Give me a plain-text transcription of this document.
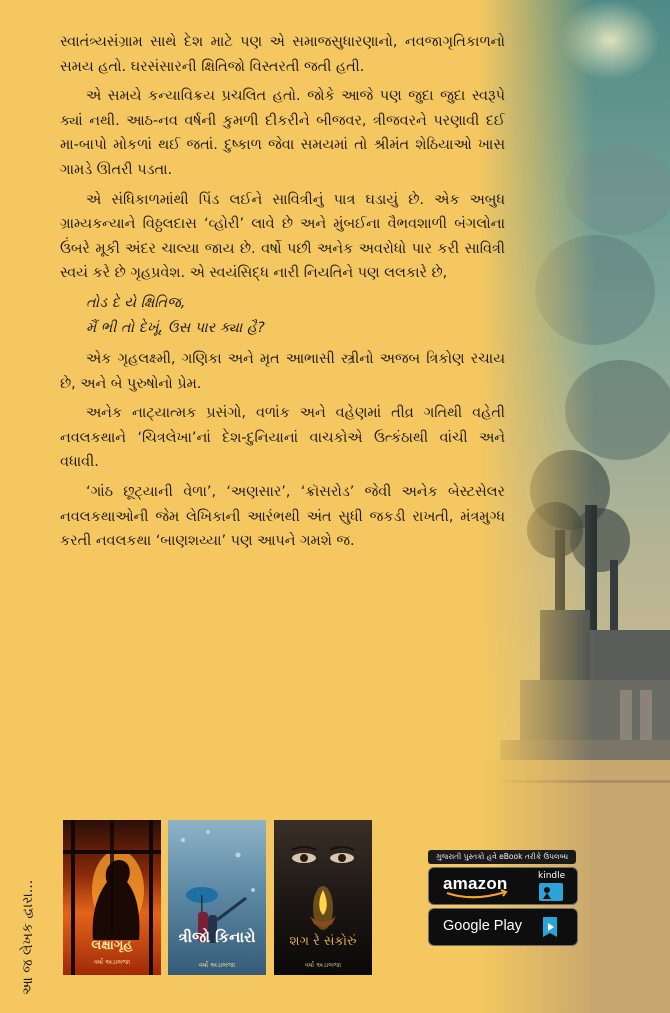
સ્વાતંત્ર્યસંગ્રામ સાથે દેશ માટે પણ એ સમાજસુધારણાનો, નવજાગૃતિકાળનો સમય હતો. ઘરસંસારની ક્ષિતિજો વિસ્તરતી જતી હતી.

એ સમયે કન્યાવિક્રય પ્રચલિત હતો. જોકે આજે પણ જુદા જુદા સ્વરૂપે ક્યાં નથી. આઠ-નવ વર્ષની કુમળી દીકરીને બીજવર, ત્રીજવરને પરણાવી દઈ મા-બાપો મોકળાં થઈ જતાં. દુષ્કાળ જેવા સમયમાં તો શ્રીમંત શેઠિયાઓ ખાસ ગામડે ઊતરી પડતા.

એ સંધિકાળમાંથી પિંડ લઈને સાવિત્રીનું પાત્ર ઘડાયું છે. એક અબુધ ગ્રામ્યકન્યાને વિઠ્ઠલદાસ ‘વ્હોરી’ લાવે છે અને મુંબઈના વૈભવશાળી બંગલોના ઉંબરે મૂકી અંદર ચાલ્યા જાય છે. વર્ષો પછી અનેક અવરોધો પાર કરી સાવિત્રી સ્વયં કરે છે ગૃહપ્રવેશ. એ સ્વયંસિદ્ધ નારી નિયતિને પણ લલકારે છે,

તોડ દે યે ક્ષિતિજ,
મૈં ભી તો દેખૂં, ઉસ પાર ક્યા હૈ?

એક ગૃહલક્ષ્મી, ગણિકા અને મૃત આભાસી સ્ત્રીનો અજબ ત્રિકોણ રચાય છે, અને બે પુરુષોનો પ્રેમ.

અનેક નાટ્યાત્મક પ્રસંગો, વળાંક અને વહેણમાં તીવ્ર ગતિથી વહેતી નવલકથાને ‘ચિત્રલેખા’નાં દેશ-દુનિયાનાં વાચકોએ ઉત્કંઠાથી વાંચી અને વધાવી.

‘ગાંઠ છૂટ્યાની વેળા’, ‘અણસાર’, ‘ક્રૉસરોડ’ જેવી અનેક બેસ્ટસેલર નવલકથાઓની જેમ લેખિકાની આરંભથી અંત સુધી જકડી રાખતી, મંત્રમુગ્ધ કરતી નવલકથા ‘બાણશય્યા’ પણ આપને ગમશે જ.

આ જ લેખક દ્વારા...	લક્ષાગૃહ
વર્ષા અડાલજા
ત્રીજો કિનારો
વર્ષા અડાલજા
શગ રે સંકોરું
વર્ષા અડાલજા
ગુજરાતી પુસ્તકો હવે eBook તરીકે ઉપલબ્ધ
amazon	kindle
Google Play
